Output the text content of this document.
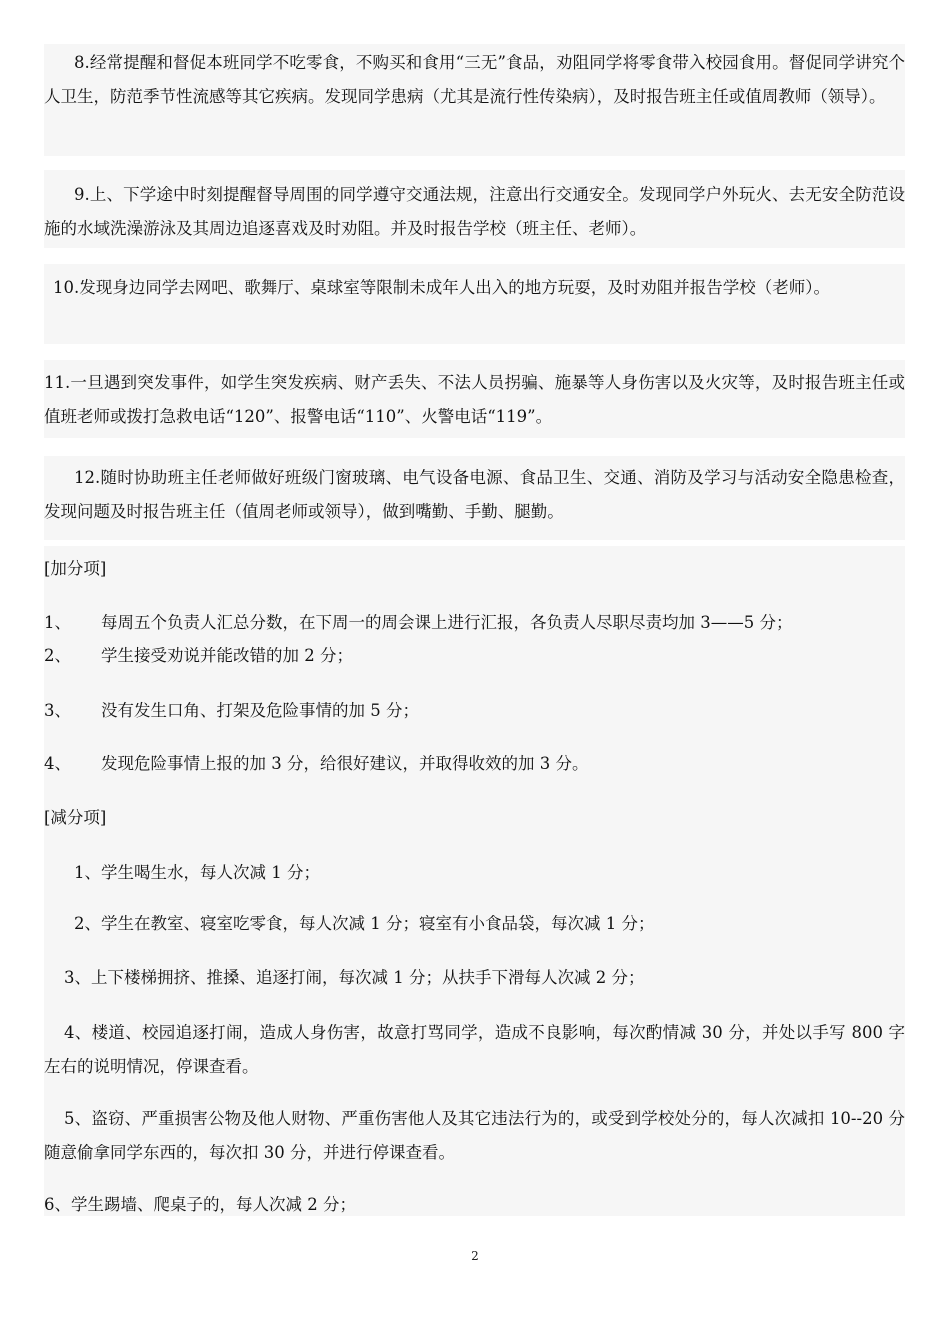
8.经常提醒和督促本班同学不吃零食，不购买和食用“三无”食品，劝阻同学将零食带入校园食用。督促同学讲究个人卫生，防范季节性流感等其它疾病。发现同学患病（尤其是流行性传染病），及时报告班主任或值周教师（领导）。

9.上、下学途中时刻提醒督导周围的同学遵守交通法规，注意出行交通安全。发现同学户外玩火、去无安全防范设施的水域洗澡游泳及其周边追逐喜戏及时劝阻。并及时报告学校（班主任、老师）。

10.发现身边同学去网吧、歌舞厅、桌球室等限制未成年人出入的地方玩耍，及时劝阻并报告学校（老师）。

11.一旦遇到突发事件，如学生突发疾病、财产丢失、不法人员拐骗、施暴等人身伤害以及火灾等，及时报告班主任或值班老师或拨打急救电话“120”、报警电话“110”、火警电话“119”。

12.随时协助班主任老师做好班级门窗玻璃、电气设备电源、食品卫生、交通、消防及学习与活动安全隐患检查，发现问题及时报告班主任（值周老师或领导），做到嘴勤、手勤、腿勤。

[加分项]

1、 每周五个负责人汇总分数，在下周一的周会课上进行汇报，各负责人尽职尽责均加 3——5 分；

2、 学生接受劝说并能改错的加 2 分；

3、 没有发生口角、打架及危险事情的加 5 分；

4、 发现危险事情上报的加 3 分，给很好建议，并取得收效的加 3 分。

[减分项]

1、学生喝生水，每人次减 1 分；

2、学生在教室、寝室吃零食，每人次减 1 分；寝室有小食品袋，每次减 1 分；

3、上下楼梯拥挤、推搡、追逐打闹，每次减 1 分；从扶手下滑每人次减 2 分；

4、楼道、校园追逐打闹，造成人身伤害，故意打骂同学，造成不良影响，每次酌情减 30 分，并处以手写 800 字左右的说明情况，停课查看。

5、盗窃、严重损害公物及他人财物、严重伤害他人及其它违法行为的，或受到学校处分的，每人次减扣 10--20 分随意偷拿同学东西的，每次扣 30 分，并进行停课查看。

6、学生踢墙、爬桌子的，每人次减 2 分；

2
